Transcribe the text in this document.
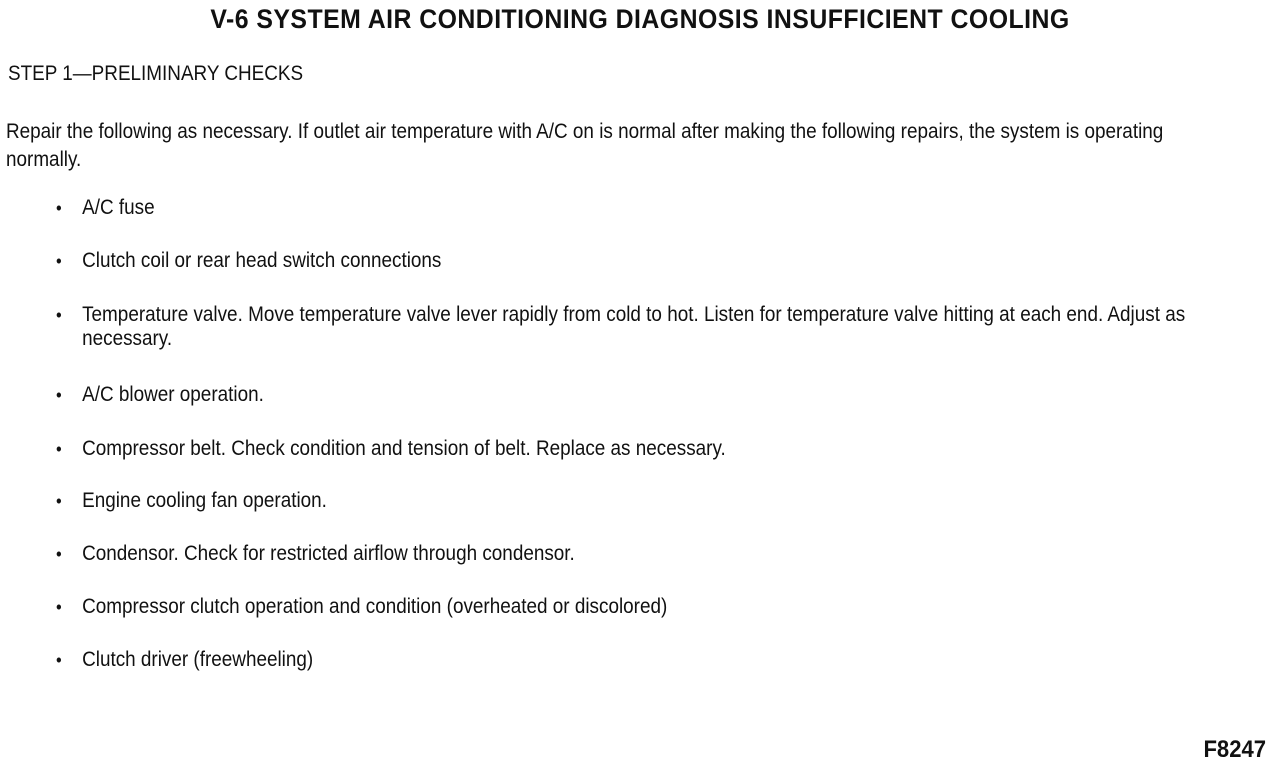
V-6 SYSTEM AIR CONDITIONING DIAGNOSIS INSUFFICIENT COOLING
STEP 1—PRELIMINARY CHECKS

Repair the following as necessary. If outlet air temperature with A/C on is normal after making the following repairs, the system is operating normally.

• A/C fuse
• Clutch coil or rear head switch connections
• Temperature valve. Move temperature valve lever rapidly from cold to hot. Listen for temperature valve hitting at each end. Adjust as necessary.
• A/C blower operation.
• Compressor belt. Check condition and tension of belt. Replace as necessary.
• Engine cooling fan operation.
• Condensor. Check for restricted airflow through condensor.
• Compressor clutch operation and condition (overheated or discolored)
• Clutch driver (freewheeling)
F8247
